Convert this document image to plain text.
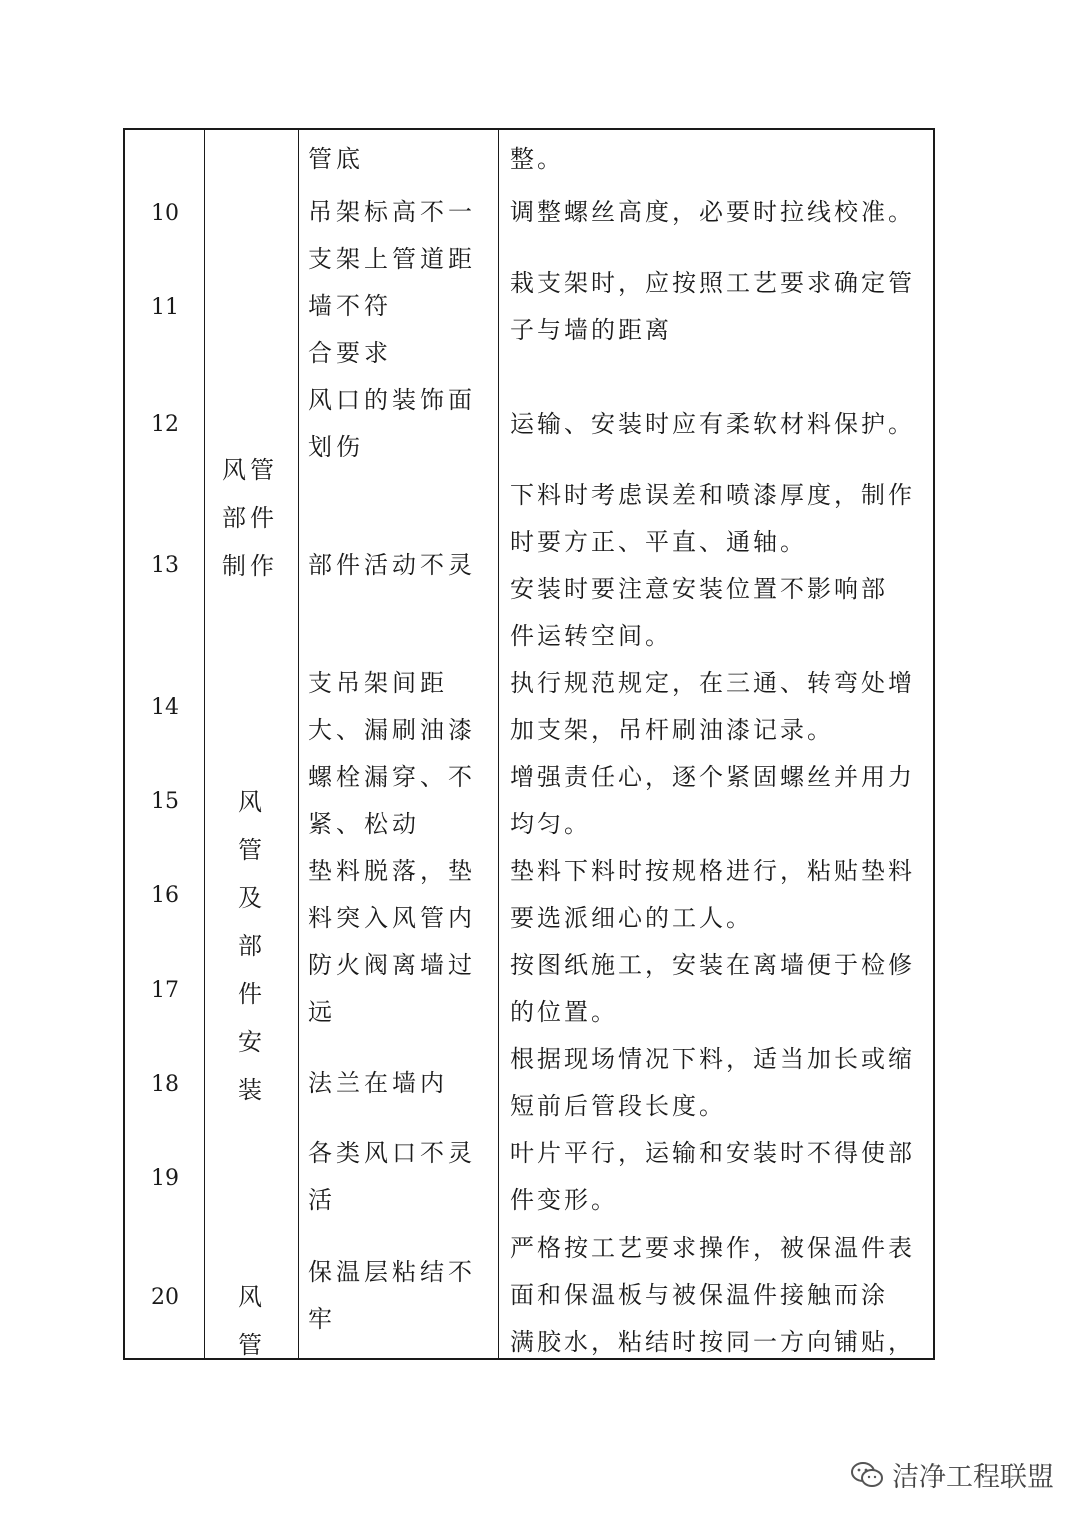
10
11
12
13
14
15
16
17
18
19
20
风管
部件
制作
风
管
及
部
件
安
装
风
管
管底
吊架标高不一
支架上管道距
墙不符
合要求
风口的装饰面
划伤
部件活动不灵
支吊架间距
大、漏刷油漆
螺栓漏穿、不
紧、松动
垫料脱落，垫
料突入风管内
防火阀离墙过
远
法兰在墙内
各类风口不灵
活
保温层粘结不
牢
整。
调整螺丝高度，必要时拉线校准。
栽支架时，应按照工艺要求确定管
子与墙的距离
运输、安装时应有柔软材料保护。
下料时考虑误差和喷漆厚度，制作
时要方正、平直、通轴。
安装时要注意安装位置不影响部
件运转空间。
执行规范规定，在三通、转弯处增
加支架，吊杆刷油漆记录。
增强责任心，逐个紧固螺丝并用力
均匀。
垫料下料时按规格进行，粘贴垫料
要选派细心的工人。
按图纸施工，安装在离墙便于检修
的位置。
根据现场情况下料，适当加长或缩
短前后管段长度。
叶片平行，运输和安装时不得使部
件变形。
严格按工艺要求操作，被保温件表
面和保温板与被保温件接触而涂
满胶水，粘结时按同一方向铺贴，
洁净工程联盟
